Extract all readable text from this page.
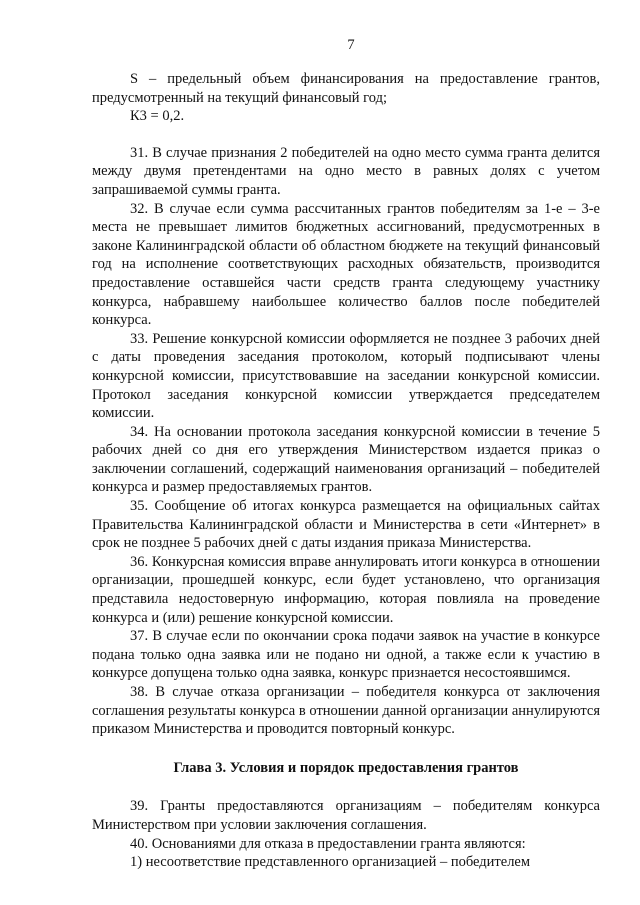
7

S – предельный объем финансирования на предоставление грантов, предусмотренный на текущий финансовый год;

К3 = 0,2.

31. В случае признания 2 победителей на одно место сумма гранта делится между двумя претендентами на одно место в равных долях с учетом запрашиваемой суммы гранта.

32. В случае если сумма рассчитанных грантов победителям за 1-е – 3-е места не превышает лимитов бюджетных ассигнований, предусмотренных в законе Калининградской области об областном бюджете на текущий финансовый год на исполнение соответствующих расходных обязательств, производится предоставление оставшейся части средств гранта следующему участнику конкурса, набравшему наибольшее количество баллов после победителей конкурса.

33. Решение конкурсной комиссии оформляется не позднее 3 рабочих дней с даты проведения заседания протоколом, который подписывают члены конкурсной комиссии, присутствовавшие на заседании конкурсной комиссии. Протокол заседания конкурсной комиссии утверждается председателем комиссии.

34. На основании протокола заседания конкурсной комиссии в течение 5 рабочих дней со дня его утверждения Министерством издается приказ о заключении соглашений, содержащий наименования организаций – победителей конкурса и размер предоставляемых грантов.

35. Сообщение об итогах конкурса размещается на официальных сайтах Правительства Калининградской области и Министерства в сети «Интернет» в срок не позднее 5 рабочих дней с даты издания приказа Министерства.

36. Конкурсная комиссия вправе аннулировать итоги конкурса в отношении организации, прошедшей конкурс, если будет установлено, что организация представила недостоверную информацию, которая повлияла на проведение конкурса и (или) решение конкурсной комиссии.

37. В случае если по окончании срока подачи заявок на участие в конкурсе подана только одна заявка или не подано ни одной, а также если к участию в конкурсе допущена только одна заявка, конкурс признается несостоявшимся.

38. В случае отказа организации – победителя конкурса от заключения соглашения результаты конкурса в отношении данной организации аннулируются приказом Министерства и проводится повторный конкурс.

Глава 3. Условия и порядок предоставления грантов

39. Гранты предоставляются организациям – победителям конкурса Министерством при условии заключения соглашения.

40. Основаниями для отказа в предоставлении гранта являются:

1) несоответствие представленного организацией – победителем
